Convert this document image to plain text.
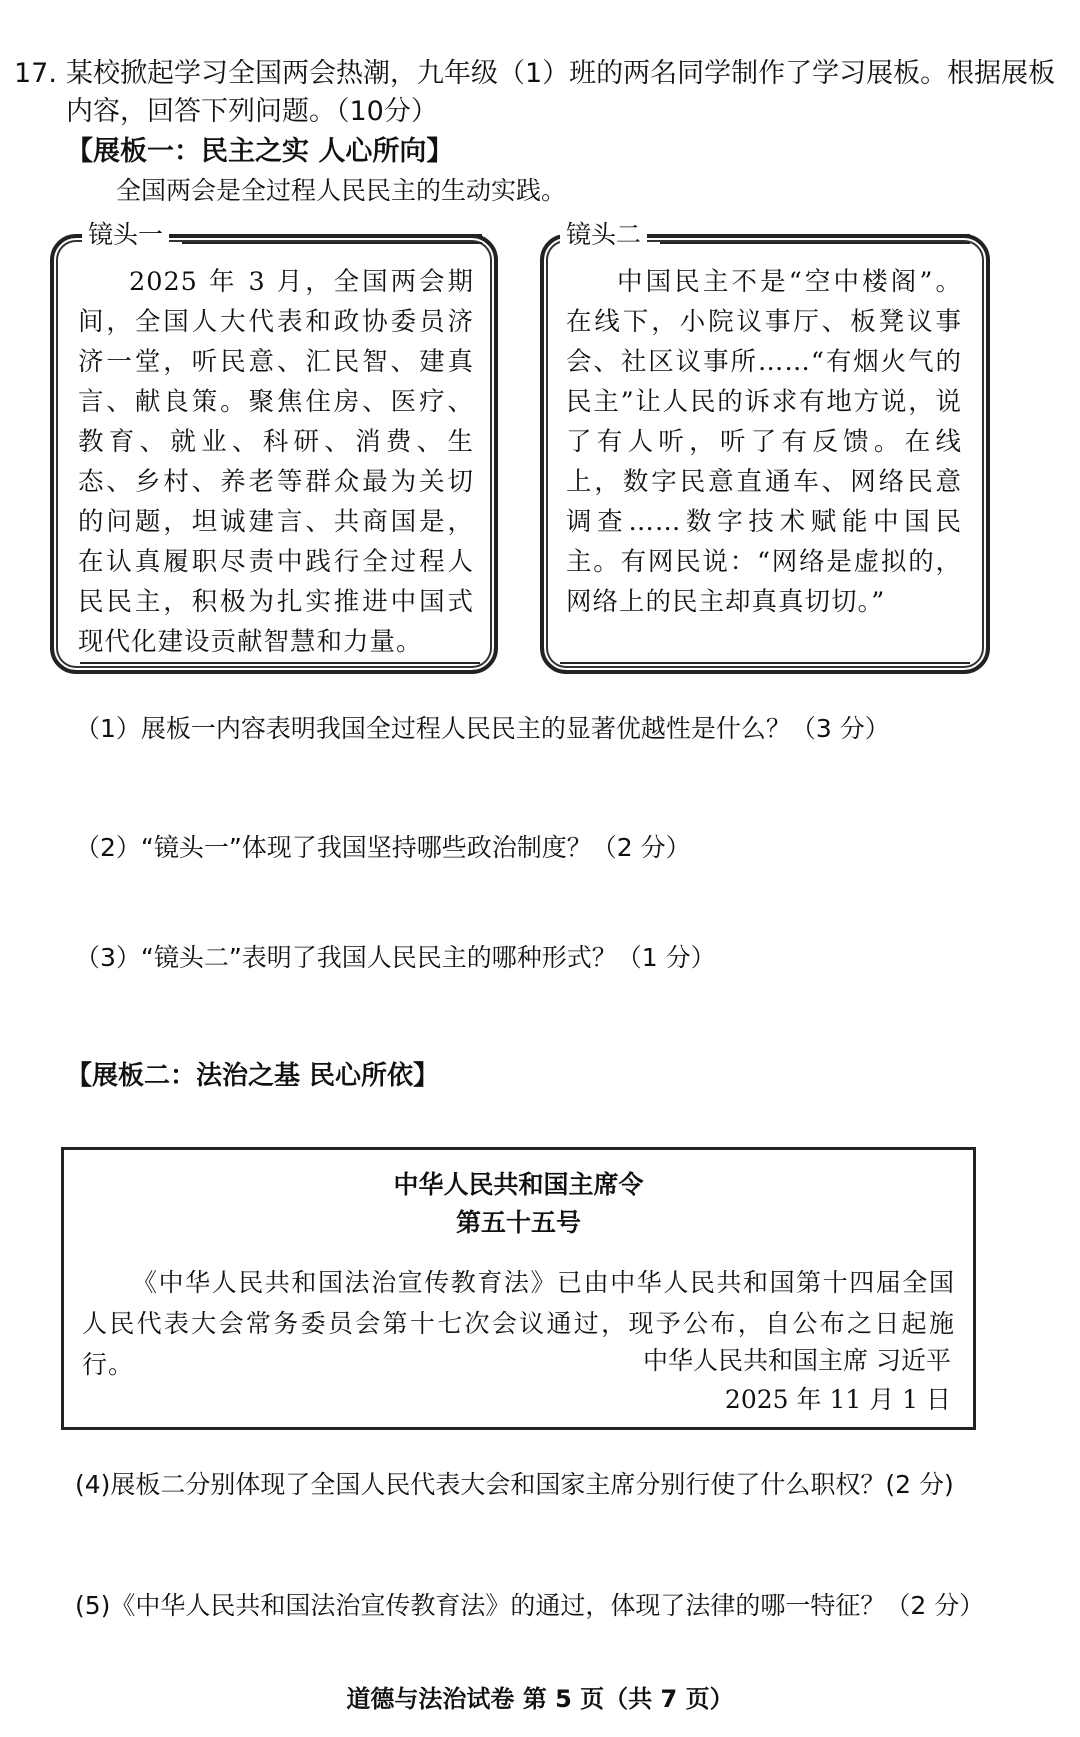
17. 某校掀起学习全国两会热潮，九年级（1）班的两名同学制作了学习展板。根据展板
内容，回答下列问题。（10分）
【展板一：民主之实 人心所向】
全国两会是全过程人民民主的生动实践。
镜头一
2025 年 3 月，全国两会期间，全国人大代表和政协委员济济一堂，听民意、汇民智、建真言、献良策。聚焦住房、医疗、教育、就业、科研、消费、生态、乡村、养老等群众最为关切的问题，坦诚建言、共商国是，在认真履职尽责中践行全过程人民民主，积极为扎实推进中国式现代化建设贡献智慧和力量。
镜头二
中国民主不是“空中楼阁”。在线下，小院议事厅、板凳议事会、社区议事所……“有烟火气的民主”让人民的诉求有地方说，说了有人听，听了有反馈。在线上，数字民意直通车、网络民意调查……数字技术赋能中国民主。有网民说：“网络是虚拟的，网络上的民主却真真切切。”
（1）展板一内容表明我国全过程人民民主的显著优越性是什么？（3 分）
（2）“镜头一”体现了我国坚持哪些政治制度？（2 分）
（3）“镜头二”表明了我国人民民主的哪种形式？（1 分）
【展板二：法治之基 民心所依】
中华人民共和国主席令
第五十五号
《中华人民共和国法治宣传教育法》已由中华人民共和国第十四届全国人民代表大会常务委员会第十七次会议通过，现予公布，自公布之日起施行。	中华人民共和国主席 习近平
2025 年 11 月 1 日
(4)展板二分别体现了全国人民代表大会和国家主席分别行使了什么职权？(2 分)
(5)《中华人民共和国法治宣传教育法》的通过，体现了法律的哪一特征？（2 分）
道德与法治试卷 第 5 页（共 7 页）
